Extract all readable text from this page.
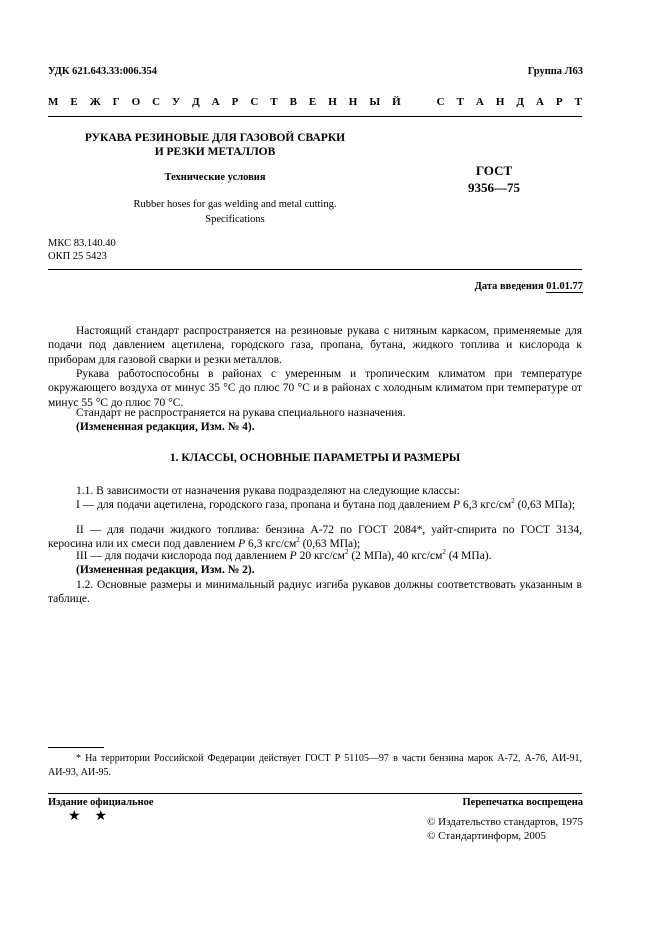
УДК 621.643.33:006.354	Группа Л63
М Е Ж Г О С У Д А Р С Т В Е Н Н Ы Й	С Т А Н Д А Р Т
РУКАВА РЕЗИНОВЫЕ ДЛЯ ГАЗОВОЙ СВАРКИ
И РЕЗКИ МЕТАЛЛОВ
Технические условия	ГОСТ
9356—75
Rubber hoses for gas welding and metal cutting.
Specifications
МКС 83.140.40
ОКП 25 5423
Дата введения 01.01.77
Настоящий стандарт распространяется на резиновые рукава с нитяным каркасом, применяемые для подачи под давлением ацетилена, городского газа, пропана, бутана, жидкого топлива и кислорода к приборам для газовой сварки и резки металлов.
Рукава работоспособны в районах с умеренным и тропическим климатом при температуре окружающего воздуха от минус 35 °С до плюс 70 °С и в районах с холодным климатом при температуре от минус 55 °С до плюс 70 °С.
Стандарт не распространяется на рукава специального назначения.
(Измененная редакция, Изм. № 4).
1. КЛАССЫ, ОСНОВНЫЕ ПАРАМЕТРЫ И РАЗМЕРЫ
1.1. В зависимости от назначения рукава подразделяют на следующие классы:
I — для подачи ацетилена, городского газа, пропана и бутана под давлением Р 6,3 кгс/$см^2$ (0,63 МПа);
II — для подачи жидкого топлива: бензина А-72 по ГОСТ 2084*, уайт-спирита по ГОСТ 3134, керосина или их смеси под давлением Р 6,3 кгс/$см^2$ (0,63 МПа);
III — для подачи кислорода под давлением Р 20 кгс/$см^2$ (2 МПа), 40 кгс/$см^2$ (4 МПа).
(Измененная редакция, Изм. № 2).
1.2. Основные размеры и минимальный радиус изгиба рукавов должны соответствовать указанным в таблице.
* На территории Российской Федерации действует ГОСТ Р 51105—97 в части бензина марок А-72, А-76, АИ-91, АИ-93, АИ-95.
Издание официальное	Перепечатка воспрещена
★★	© Издательство стандартов, 1975
© Стандартинформ, 2005
